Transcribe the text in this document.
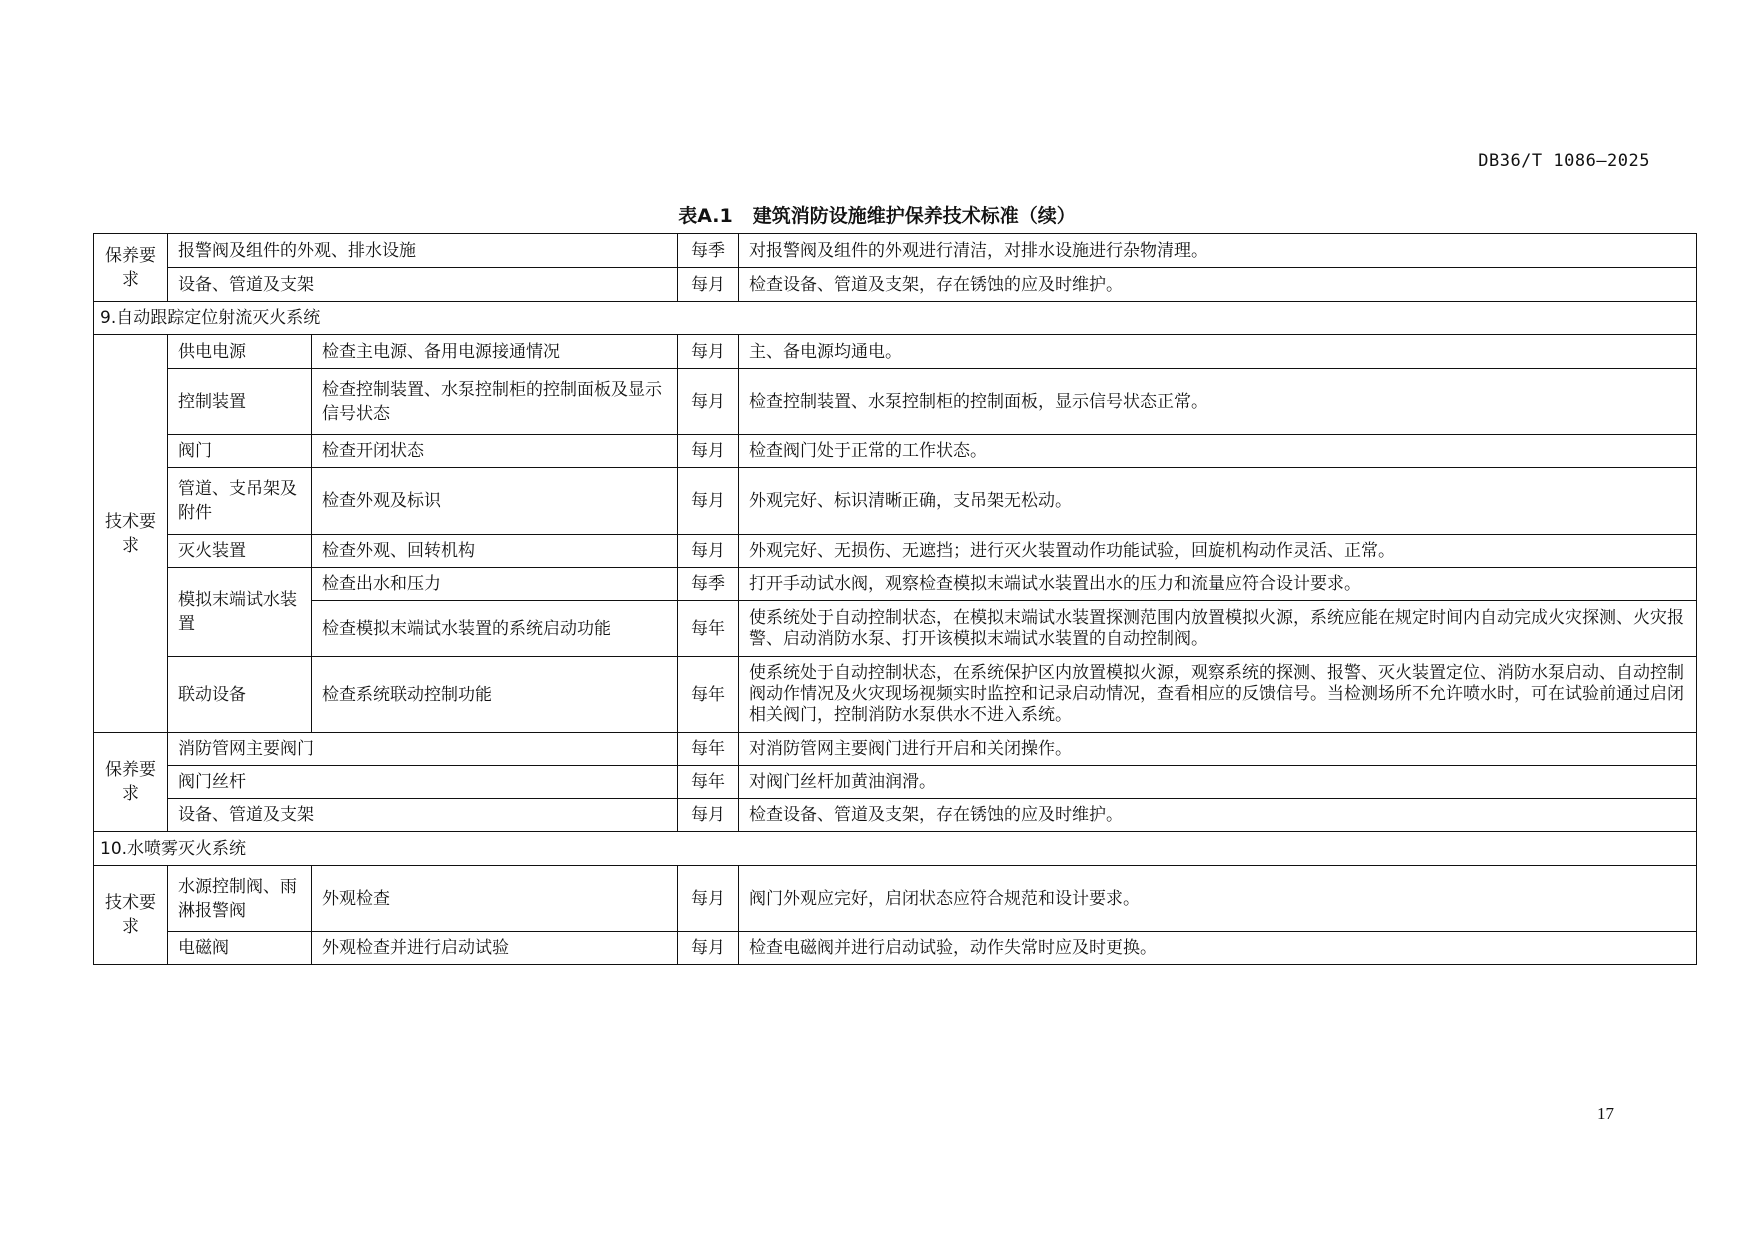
DB36/T 1086—2025
表A.1 建筑消防设施维护保养技术标准（续）
保养要求	报警阀及组件的外观、排水设施		每季	对报警阀及组件的外观进行清洁，对排水设施进行杂物清理。
	设备、管道及支架		每月	检查设备、管道及支架，存在锈蚀的应及时维护。
9.自动跟踪定位射流灭火系统				
技术要求	供电电源	检查主电源、备用电源接通情况	每月	主、备电源均通电。
	控制装置	检查控制装置、水泵控制柜的控制面板及显示信号状态	每月	检查控制装置、水泵控制柜的控制面板，显示信号状态正常。
	阀门	检查开闭状态	每月	检查阀门处于正常的工作状态。
	管道、支吊架及附件	检查外观及标识	每月	外观完好、标识清晰正确，支吊架无松动。
	灭火装置	检查外观、回转机构	每月	外观完好、无损伤、无遮挡；进行灭火装置动作功能试验，回旋机构动作灵活、正常。
	模拟末端试水装置	检查出水和压力	每季	打开手动试水阀，观察检查模拟末端试水装置出水的压力和流量应符合设计要求。
		检查模拟末端试水装置的系统启动功能	每年	使系统处于自动控制状态，在模拟末端试水装置探测范围内放置模拟火源，系统应能在规定时间内自动完成火灾探测、火灾报警、启动消防水泵、打开该模拟末端试水装置的自动控制阀。
	联动设备	检查系统联动控制功能	每年	使系统处于自动控制状态，在系统保护区内放置模拟火源，观察系统的探测、报警、灭火装置定位、消防水泵启动、自动控制阀动作情况及火灾现场视频实时监控和记录启动情况，查看相应的反馈信号。当检测场所不允许喷水时，可在试验前通过启闭相关阀门，控制消防水泵供水不进入系统。
保养要求	消防管网主要阀门		每年	对消防管网主要阀门进行开启和关闭操作。
	阀门丝杆		每年	对阀门丝杆加黄油润滑。
	设备、管道及支架		每月	检查设备、管道及支架，存在锈蚀的应及时维护。
10.水喷雾灭火系统				
技术要求	水源控制阀、雨淋报警阀	外观检查	每月	阀门外观应完好，启闭状态应符合规范和设计要求。
	电磁阀	外观检查并进行启动试验	每月	检查电磁阀并进行启动试验，动作失常时应及时更换。
17
